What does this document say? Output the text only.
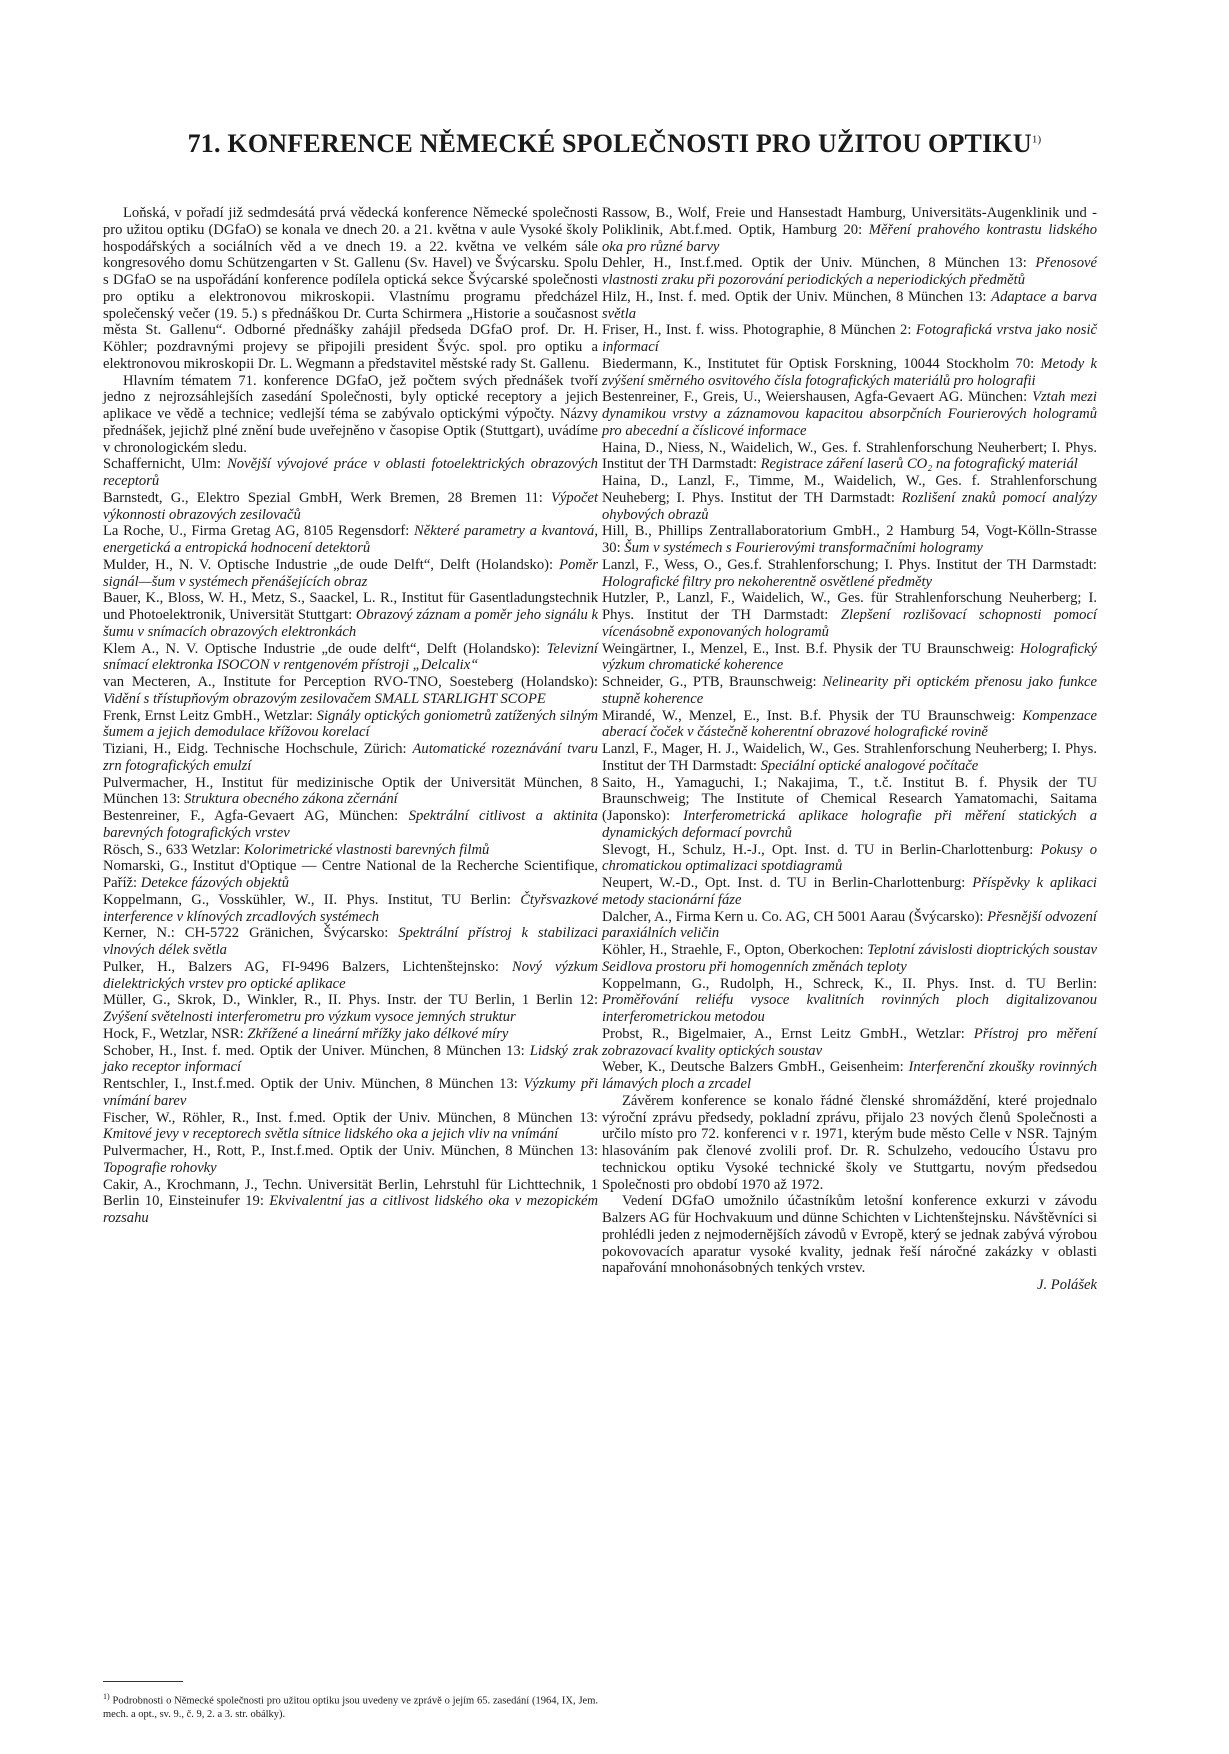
71. KONFERENCE NĚMECKÉ SPOLEČNOSTI PRO UŽITOU OPTIKU$^{1)}$

Loňská, v pořadí již sedmdesátá prvá vědecká konference Německé společnosti pro užitou optiku (DGfaO) se konala ve dnech 20. a 21. května v aule Vysoké školy hospodářských a sociálních věd a ve dnech 19. a 22. května ve velkém sále kongresového domu Schützengarten v St. Gallenu (Sv. Havel) ve Švýcarsku. Spolu s DGfaO se na uspořádání konference podílela optická sekce Švýcarské společnosti pro optiku a elektronovou mikroskopii. Vlastnímu programu předcházel společenský večer (19. 5.) s přednáškou Dr. Curta Schirmera „Historie a současnost města St. Gallenu“. Odborné přednášky zahájil předseda DGfaO prof. Dr. H. Köhler; pozdravnými projevy se připojili president Švýc. spol. pro optiku a elektronovou mikroskopii Dr. L. Wegmann a představitel městské rady St. Gallenu.

Hlavním tématem 71. konference DGfaO, jež počtem svých přednášek tvoří jedno z nejrozsáhlejších zasedání Společnosti, byly optické receptory a jejich aplikace ve vědě a technice; vedlejší téma se zabývalo optickými výpočty. Názvy přednášek, jejichž plné znění bude uveřejněno v časopise Optik (Stuttgart), uvádíme v chronologickém sledu.

Schaffernicht, Ulm: Novější vývojové práce v oblasti fotoelektrických obrazových receptorů

Barnstedt, G., Elektro Spezial GmbH, Werk Bremen, 28 Bremen 11: Výpočet výkonnosti obrazových zesilovačů

La Roche, U., Firma Gretag AG, 8105 Regensdorf: Některé parametry a kvantová, energetická a entropická hodnocení detektorů

Mulder, H., N. V. Optische Industrie „de oude Delft“, Delft (Holandsko): Poměr signál—šum v systémech přenášejících obraz

Bauer, K., Bloss, W. H., Metz, S., Saackel, L. R., Institut für Gasentladungstechnik und Photoelektronik, Universität Stuttgart: Obrazový záznam a poměr jeho signálu k šumu v snímacích obrazových elektronkách

Klem A., N. V. Optische Industrie „de oude delft“, Delft (Holandsko): Televizní snímací elektronka ISOCON v rentgenovém přístroji „Delcalix“

van Mecteren, A., Institute for Perception RVO-TNO, Soesteberg (Holandsko): Vidění s třístupňovým obrazovým zesilovačem SMALL STARLIGHT SCOPE

Frenk, Ernst Leitz GmbH., Wetzlar: Signály optických goniometrů zatížených silným šumem a jejich demodulace křížovou korelací

Tiziani, H., Eidg. Technische Hochschule, Zürich: Automatické rozeznávání tvaru zrn fotografických emulzí

Pulvermacher, H., Institut für medizinische Optik der Universität München, 8 München 13: Struktura obecného zákona zčernání

Bestenreiner, F., Agfa-Gevaert AG, München: Spektrální citlivost a aktinita barevných fotografických vrstev

Rösch, S., 633 Wetzlar: Kolorimetrické vlastnosti barevných filmů

Nomarski, G., Institut d'Optique — Centre National de la Recherche Scientifique, Paříž: Detekce fázových objektů

Koppelmann, G., Vosskühler, W., II. Phys. Institut, TU Berlin: Čtyřsvazkové interference v klínových zrcadlových systémech

Kerner, N.: CH-5722 Gränichen, Švýcarsko: Spektrální přístroj k stabilizaci vlnových délek světla

Pulker, H., Balzers AG, FI-9496 Balzers, Lichtenštejnsko: Nový výzkum dielektrických vrstev pro optické aplikace

Müller, G., Skrok, D., Winkler, R., II. Phys. Instr. der TU Berlin, 1 Berlin 12: Zvýšení světelnosti interferometru pro výzkum vysoce jemných struktur

Hock, F., Wetzlar, NSR: Zkřížené a lineární mřížky jako délkové míry

Schober, H., Inst. f. med. Optik der Univer. München, 8 München 13: Lidský zrak jako receptor informací

Rentschler, I., Inst.f.med. Optik der Univ. München, 8 München 13: Výzkumy při vnímání barev

Fischer, W., Röhler, R., Inst. f.med. Optik der Univ. München, 8 München 13: Kmitové jevy v receptorech světla sítnice lidského oka a jejich vliv na vnímání

Pulvermacher, H., Rott, P., Inst.f.med. Optik der Univ. München, 8 München 13: Topografie rohovky

Cakir, A., Krochmann, J., Techn. Universität Berlin, Lehrstuhl für Lichttechnik, 1 Berlin 10, Einsteinufer 19: Ekvivalentní jas a citlivost lidského oka v mezopickém rozsahu

Rassow, B., Wolf, Freie und Hansestadt Hamburg, Universitäts-Augenklinik und - Poliklinik, Abt.f.med. Optik, Hamburg 20: Měření prahového kontrastu lidského oka pro různé barvy

Dehler, H., Inst.f.med. Optik der Univ. München, 8 München 13: Přenosové vlastnosti zraku při pozorování periodických a neperiodických předmětů

Hilz, H., Inst. f. med. Optik der Univ. München, 8 München 13: Adaptace a barva světla

Friser, H., Inst. f. wiss. Photographie, 8 München 2: Fotografická vrstva jako nosič informací

Biedermann, K., Institutet für Optisk Forskning, 10044 Stockholm 70: Metody k zvýšení směrného osvitového čísla fotografických materiálů pro holografii

Bestenreiner, F., Greis, U., Weiershausen, Agfa-Gevaert AG. München: Vztah mezi dynamikou vrstvy a záznamovou kapacitou absorpčních Fourierových hologramů pro abecední a číslicové informace

Haina, D., Niess, N., Waidelich, W., Ges. f. Strahlenforschung Neuherbert; I. Phys. Institut der TH Darmstadt: Registrace záření laserů CO₂ na fotografický materiál

Haina, D., Lanzl, F., Timme, M., Waidelich, W., Ges. f. Strahlenforschung Neuheberg; I. Phys. Institut der TH Darmstadt: Rozlišení znaků pomocí analýzy ohybových obrazů

Hill, B., Phillips Zentrallaboratorium GmbH., 2 Hamburg 54, Vogt-Kölln-Strasse 30: Šum v systémech s Fourierovými transformačními hologramy

Lanzl, F., Wess, O., Ges.f. Strahlenforschung; I. Phys. Institut der TH Darmstadt: Holografické filtry pro nekoherentně osvětlené předměty

Hutzler, P., Lanzl, F., Waidelich, W., Ges. für Strahlenforschung Neuherberg; I. Phys. Institut der TH Darmstadt: Zlepšení rozlišovací schopnosti pomocí vícenásobně exponovaných hologramů

Weingärtner, I., Menzel, E., Inst. B.f. Physik der TU Braunschweig: Holografický výzkum chromatické koherence

Schneider, G., PTB, Braunschweig: Nelinearity při optickém přenosu jako funkce stupně koherence

Mirandé, W., Menzel, E., Inst. B.f. Physik der TU Braunschweig: Kompenzace aberací čoček v částečně koherentní obrazové holografické rovině

Lanzl, F., Mager, H. J., Waidelich, W., Ges. Strahlenforschung Neuherberg; I. Phys. Institut der TH Darmstadt: Speciální optické analogové počítače

Saito, H., Yamaguchi, I.; Nakajima, T., t.č. Institut B. f. Physik der TU Braunschweig; The Institute of Chemical Research Yamatomachi, Saitama (Japonsko): Interferometrická aplikace holografie při měření statických a dynamických deformací povrchů

Slevogt, H., Schulz, H.-J., Opt. Inst. d. TU in Berlin-Charlottenburg: Pokusy o chromatickou optimalizaci spotdiagramů

Neupert, W.-D., Opt. Inst. d. TU in Berlin-Charlottenburg: Příspěvky k aplikaci metody stacionární fáze

Dalcher, A., Firma Kern u. Co. AG, CH 5001 Aarau (Švýcarsko): Přesnější odvození paraxiálních veličin

Köhler, H., Straehle, F., Opton, Oberkochen: Teplotní závislosti dioptrických soustav Seidlova prostoru při homogenních změnách teploty

Koppelmann, G., Rudolph, H., Schreck, K., II. Phys. Inst. d. TU Berlin: Proměřování reliéfu vysoce kvalitních rovinných ploch digitalizovanou interferometrickou metodou

Probst, R., Bigelmaier, A., Ernst Leitz GmbH., Wetzlar: Přístroj pro měření zobrazovací kvality optických soustav

Weber, K., Deutsche Balzers GmbH., Geisenheim: Interferenční zkoušky rovinných lámavých ploch a zrcadel

Závěrem konference se konalo řádné členské shromáždění, které projednalo výroční zprávu předsedy, pokladní zprávu, přijalo 23 nových členů Společnosti a určilo místo pro 72. konferenci v r. 1971, kterým bude město Celle v NSR. Tajným hlasováním pak členové zvolili prof. Dr. R. Schulzeho, vedoucího Ústavu pro technickou optiku Vysoké technické školy ve Stuttgartu, novým předsedou Společnosti pro období 1970 až 1972.

Vedení DGfaO umožnilo účastníkům letošní konference exkurzi v závodu Balzers AG für Hochvakuum und dünne Schichten v Lichtenštejnsku. Návštěvníci si prohlédli jeden z nejmodernějších závodů v Evropě, který se jednak zabývá výrobou pokovovacích aparatur vysoké kvality, jednak řeší náročné zakázky v oblasti napařování mnohonásobných tenkých vrstev.

J. Polášek

$^{1)}$ Podrobnosti o Německé společnosti pro užitou optiku jsou uvedeny ve zprávě o jejím 65. zasedání (1964, IX, Jem. mech. a opt., sv. 9., č. 9, 2. a 3. str. obálky).
